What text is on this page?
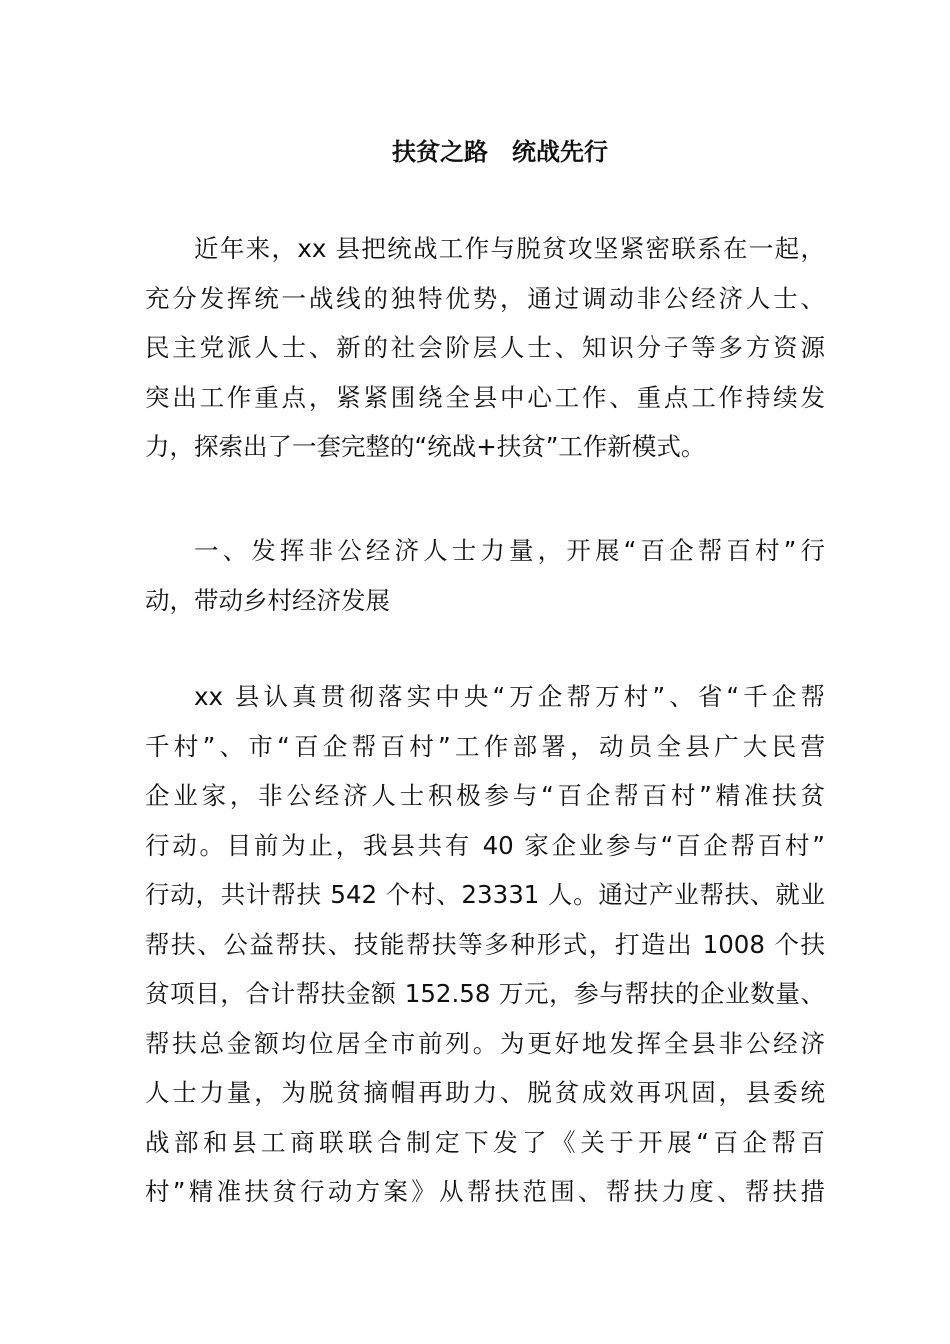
扶贫之路　统战先行
近年来，xx 县把统战工作与脱贫攻坚紧密联系在一起，
充分发挥统一战线的独特优势，通过调动非公经济人士、
民主党派人士、新的社会阶层人士、知识分子等多方资源
突出工作重点，紧紧围绕全县中心工作、重点工作持续发
力，探索出了一套完整的“统战+扶贫”工作新模式。
一、发挥非公经济人士力量，开展“百企帮百村”行
动，带动乡村经济发展
xx 县认真贯彻落实中央“万企帮万村”、省“千企帮
千村”、市“百企帮百村”工作部署，动员全县广大民营
企业家，非公经济人士积极参与“百企帮百村”精准扶贫
行动。目前为止，我县共有 40 家企业参与“百企帮百村”
行动，共计帮扶 542 个村、23331 人。通过产业帮扶、就业
帮扶、公益帮扶、技能帮扶等多种形式，打造出 1008 个扶
贫项目，合计帮扶金额 152.58 万元，参与帮扶的企业数量、
帮扶总金额均位居全市前列。为更好地发挥全县非公经济
人士力量，为脱贫摘帽再助力、脱贫成效再巩固，县委统
战部和县工商联联合制定下发了《关于开展“百企帮百
村”精准扶贫行动方案》从帮扶范围、帮扶力度、帮扶措
